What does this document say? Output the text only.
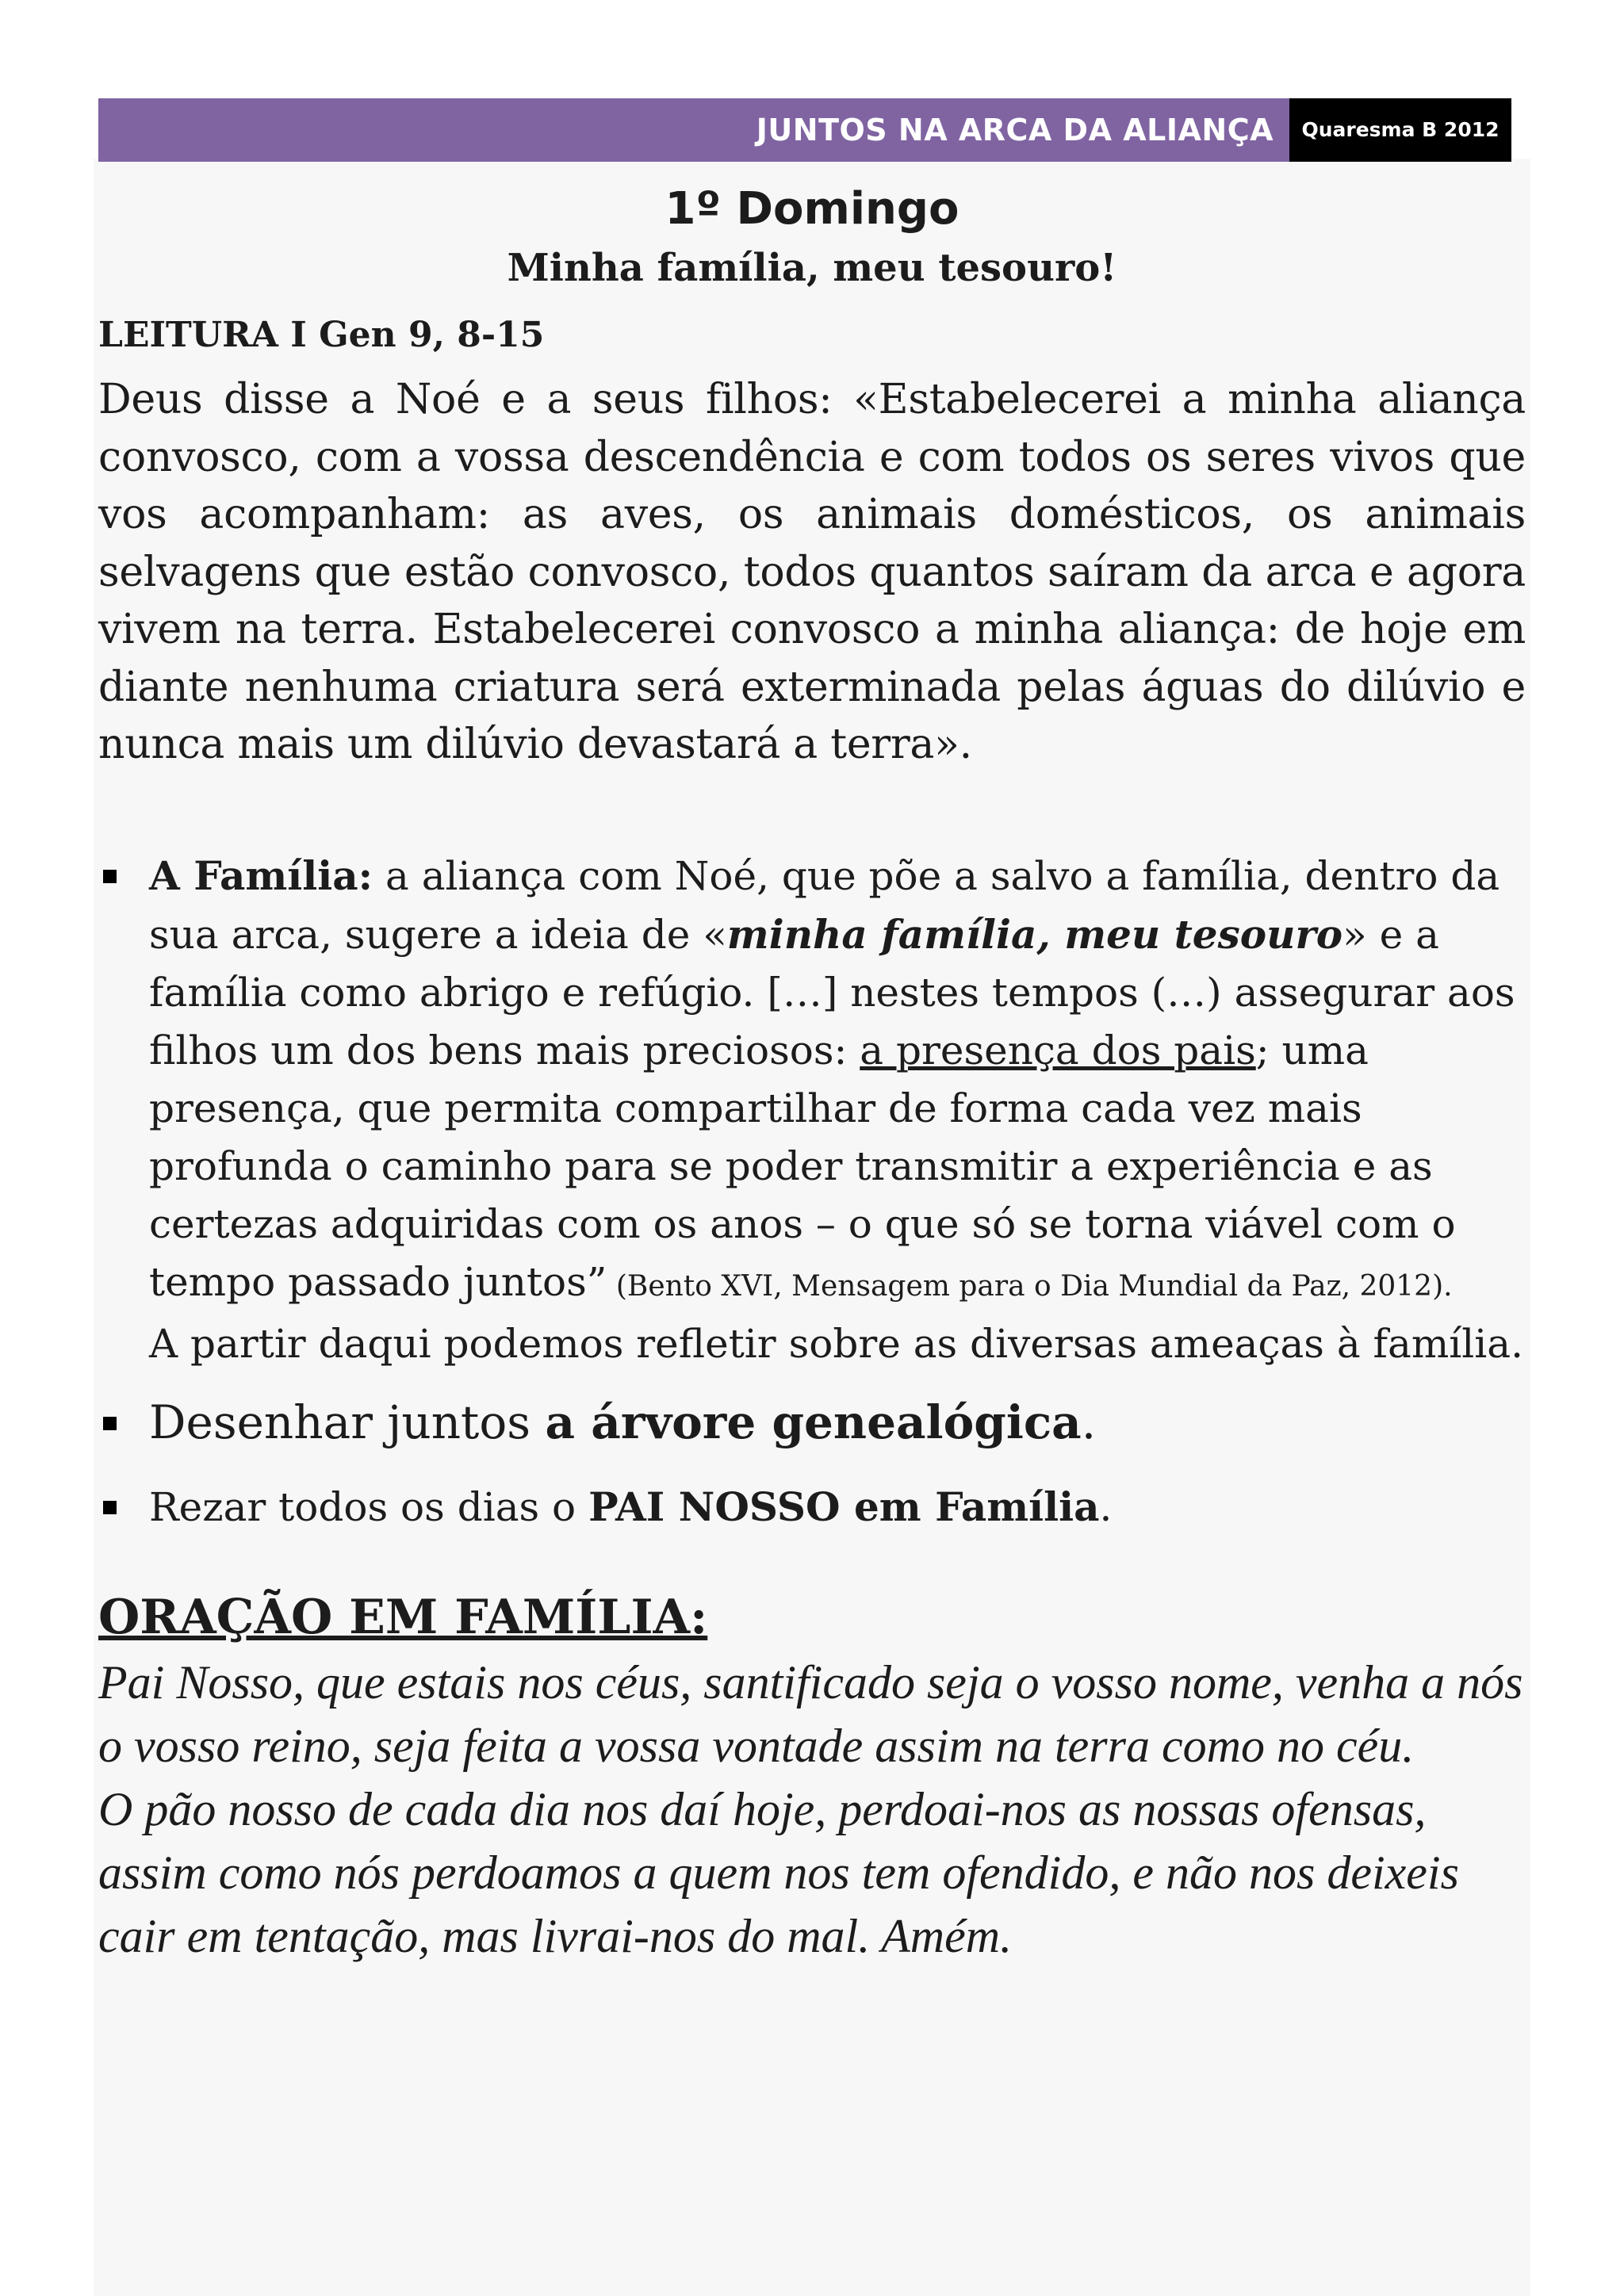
JUNTOS NA ARCA DA ALIANÇA	Quaresma B 2012
1º Domingo
Minha família, meu tesouro!

LEITURA I Gen 9, 8-15

Deus disse a Noé e a seus filhos: «Estabelecerei a minha aliança convosco, com a vossa descendência e com todos os seres vivos que vos acompanham: as aves, os animais domésticos, os animais selvagens que estão convosco, todos quantos saíram da arca e agora vivem na terra. Estabelecerei convosco a minha aliança: de hoje em diante nenhuma criatura será exterminada pelas águas do dilúvio e nunca mais um dilúvio devastará a terra».

A Família: a aliança com Noé, que põe a salvo a família, dentro da sua arca, sugere a ideia de «minha família, meu tesouro» e a família como abrigo e refúgio. […] nestes tempos (…) assegurar aos filhos um dos bens mais preciosos: a presença dos pais; uma presença, que permita compartilhar de forma cada vez mais profunda o caminho para se poder transmitir a experiência e as certezas adquiridas com os anos – o que só se torna viável com o tempo passado juntos” (Bento XVI, Mensagem para o Dia Mundial da Paz, 2012).
A partir daqui podemos refletir sobre as diversas ameaças à família.
Desenhar juntos a árvore genealógica.
Rezar todos os dias o PAI NOSSO em Família.

ORAÇÃO EM FAMÍLIA:

Pai Nosso, que estais nos céus, santificado seja o vosso nome, venha a nós o vosso reino, seja feita a vossa vontade assim na terra como no céu.

O pão nosso de cada dia nos daí hoje, perdoai-nos as nossas ofensas, assim como nós perdoamos a quem nos tem ofendido, e não nos deixeis cair em tentação, mas livrai-nos do mal. Amém.
